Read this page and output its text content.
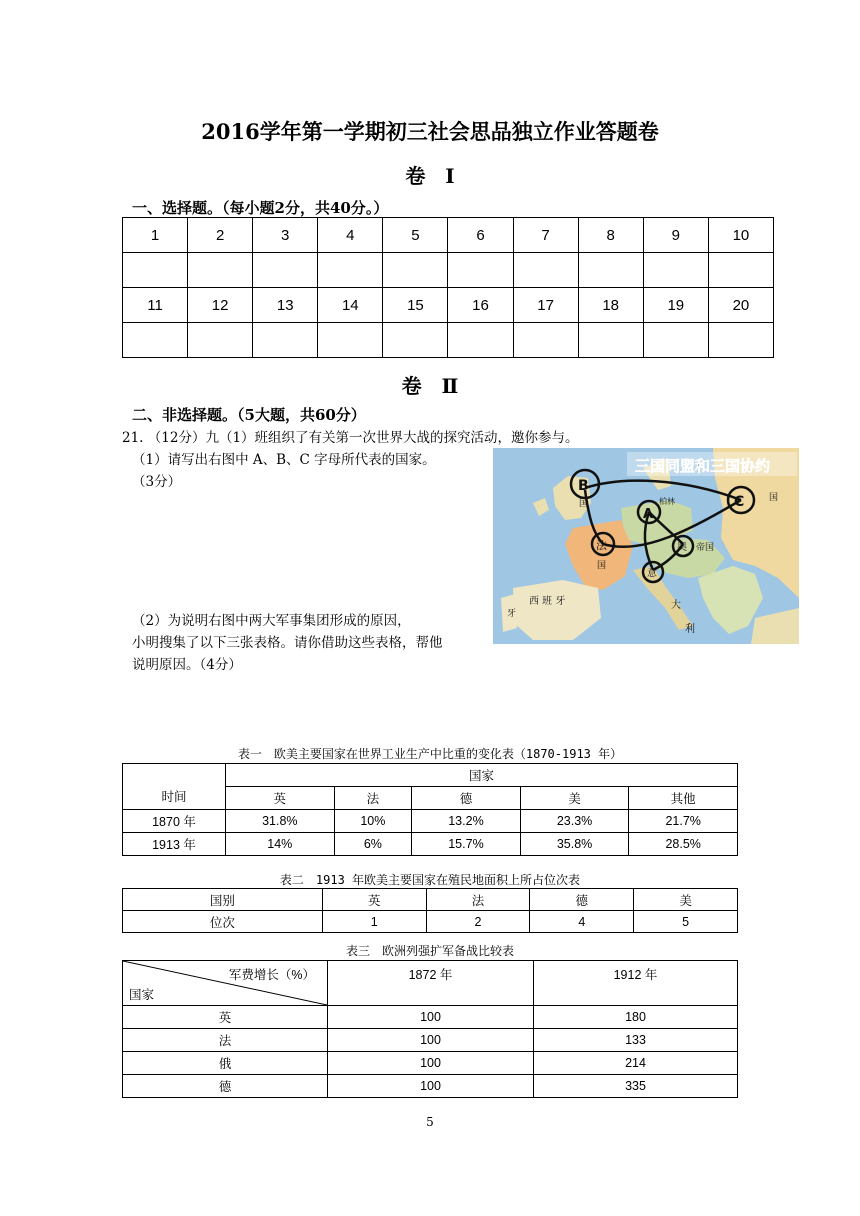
2016学年第一学期初三社会思品独立作业答题卷
卷　Ⅰ
一、选择题。（每小题2分，共40分。）
1	2	3	4	5	6	7	8	9	10

11	12	13	14	15	16	17	18	19	20

卷　Ⅱ
二、非选择题。（5大题，共60分）
21. （12分）九（1）班组织了有关第一次世界大战的探究活动，邀你参与。
（1）请写出右图中 A、B、C 字母所代表的国家。
（3分）
（2）为说明右图中两大军事集团形成的原因，
小明搜集了以下三张表格。请你借助这些表格，帮他
说明原因。（4分）
三国同盟和三国协约
B
A
C
法	奥
意
国
国
柏林
帝国
西 班 牙	大
利
牙
国
表一　欧美主要国家在世界工业生产中比重的变化表（1870-1913 年）
时间	国家				
	英	法	德	美	其他
1870 年	31.8%	10%	13.2%	23.3%	21.7%
1913 年	14%	6%	15.7%	35.8%	28.5%
表二　1913 年欧美主要国家在殖民地面积上所占位次表
国别	英	法	德	美
位次	1	2	4	5
表三　欧洲列强扩军备战比较表
军费增长（%）
国家	1872 年	1912 年
英	100	180
法	100	133
俄	100	214
德	100	335
5
